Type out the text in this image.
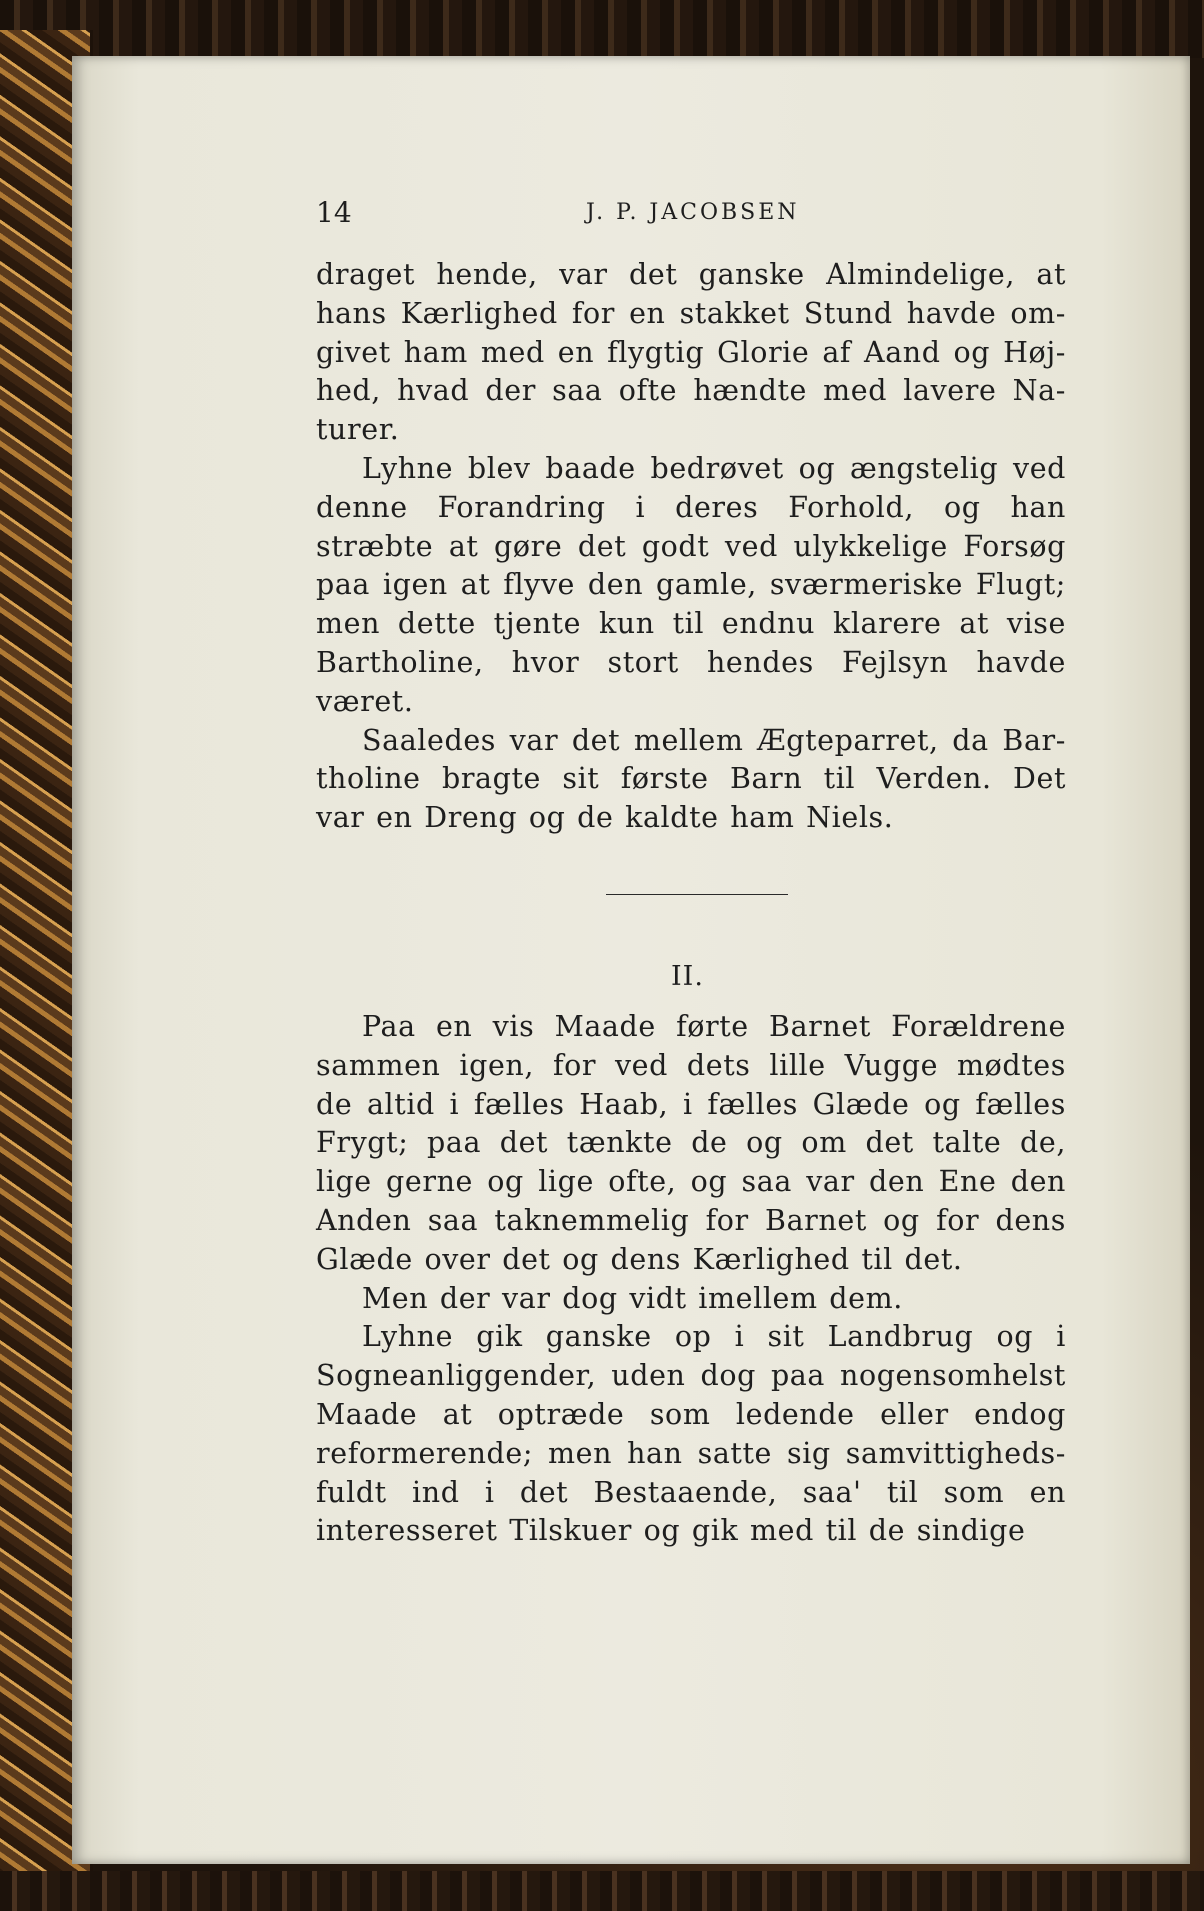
14	J. P. JACOBSEN

draget hende, var det ganske Almindelige, at
hans Kærlighed for en stakket Stund havde om-
givet ham med en flygtig Glorie af Aand og Høj-
hed, hvad der saa ofte hændte med lavere Na-
turer.

Lyhne blev baade bedrøvet og ængstelig ved
denne Forandring i deres Forhold, og han
stræbte at gøre det godt ved ulykkelige Forsøg
paa igen at flyve den gamle, sværmeriske Flugt;
men dette tjente kun til endnu klarere at vise
Bartholine, hvor stort hendes Fejlsyn havde
været.

Saaledes var det mellem Ægteparret, da Bar-
tholine bragte sit første Barn til Verden. Det
var en Dreng og de kaldte ham Niels.

II.

Paa en vis Maade førte Barnet Forældrene
sammen igen, for ved dets lille Vugge mødtes
de altid i fælles Haab, i fælles Glæde og fælles
Frygt; paa det tænkte de og om det talte de,
lige gerne og lige ofte, og saa var den Ene den
Anden saa taknemmelig for Barnet og for dens
Glæde over det og dens Kærlighed til det.

Men der var dog vidt imellem dem.

Lyhne gik ganske op i sit Landbrug og i
Sogneanliggender, uden dog paa nogensomhelst
Maade at optræde som ledende eller endog
reformerende; men han satte sig samvittigheds-
fuldt ind i det Bestaaende, saa' til som en
interesseret Tilskuer og gik med til de sindige
